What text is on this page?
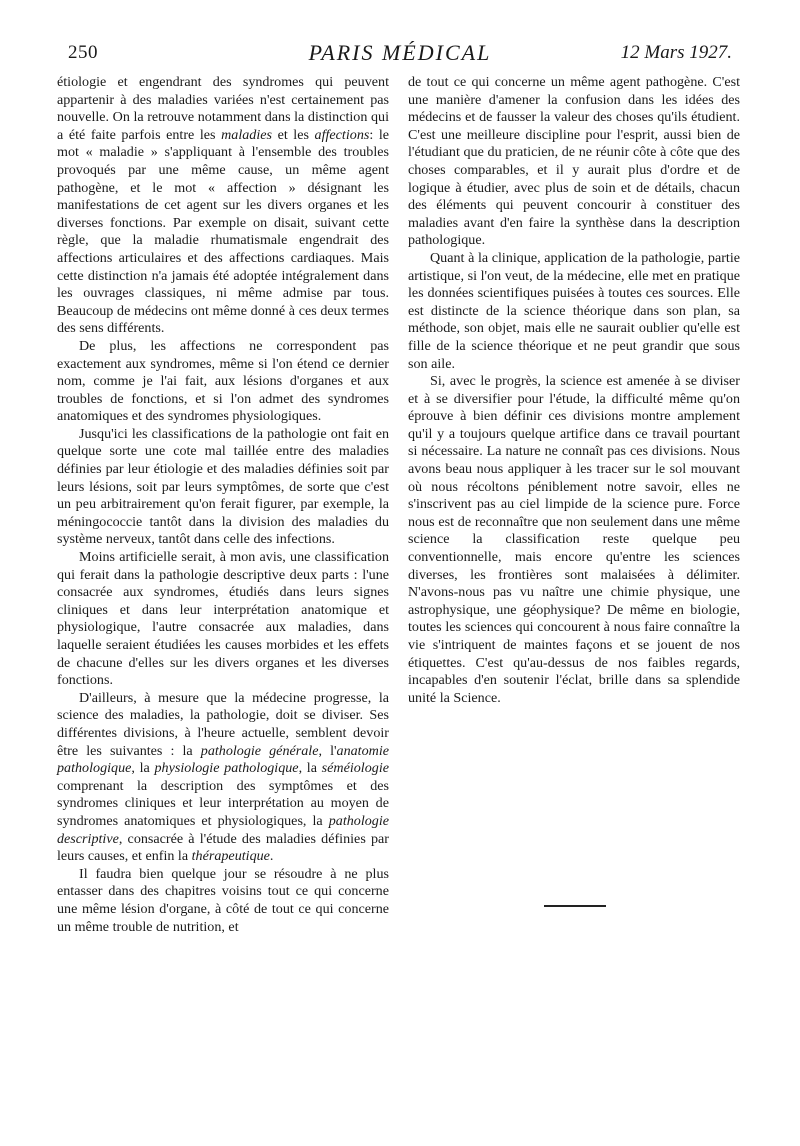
250	PARIS MÉDICAL	12 Mars 1927.

étiologie et engendrant des syndromes qui peuvent appartenir à des maladies variées n'est certainement pas nouvelle. On la retrouve notamment dans la distinction qui a été faite parfois entre les maladies et les affections: le mot « maladie » s'appliquant à l'ensemble des troubles provoqués par une même cause, un même agent pathogène, et le mot « affection » désignant les manifestations de cet agent sur les divers organes et les diverses fonctions. Par exemple on disait, suivant cette règle, que la maladie rhumatismale engendrait des affections articulaires et des affections cardiaques. Mais cette distinction n'a jamais été adoptée intégralement dans les ouvrages classiques, ni même admise par tous. Beaucoup de médecins ont même donné à ces deux termes des sens différents.

De plus, les affections ne correspondent pas exactement aux syndromes, même si l'on étend ce dernier nom, comme je l'ai fait, aux lésions d'organes et aux troubles de fonctions, et si l'on admet des syndromes anatomiques et des syndromes physiologiques.

Jusqu'ici les classifications de la pathologie ont fait en quelque sorte une cote mal taillée entre des maladies définies par leur étiologie et des maladies définies soit par leurs lésions, soit par leurs symptômes, de sorte que c'est un peu arbitrairement qu'on ferait figurer, par exemple, la méningococcie tantôt dans la division des maladies du système nerveux, tantôt dans celle des infections.

Moins artificielle serait, à mon avis, une classification qui ferait dans la pathologie descriptive deux parts : l'une consacrée aux syndromes, étudiés dans leurs signes cliniques et dans leur interprétation anatomique et physiologique, l'autre consacrée aux maladies, dans laquelle seraient étudiées les causes morbides et les effets de chacune d'elles sur les divers organes et les diverses fonctions.

D'ailleurs, à mesure que la médecine progresse, la science des maladies, la pathologie, doit se diviser. Ses différentes divisions, à l'heure actuelle, semblent devoir être les suivantes : la pathologie générale, l'anatomie pathologique, la physiologie pathologique, la séméiologie comprenant la description des symptômes et des syndromes cliniques et leur interprétation au moyen de syndromes anatomiques et physiologiques, la pathologie descriptive, consacrée à l'étude des maladies définies par leurs causes, et enfin la thérapeutique.

Il faudra bien quelque jour se résoudre à ne plus entasser dans des chapitres voisins tout ce qui concerne une même lésion d'organe, à côté de tout ce qui concerne un même trouble de nutrition, et

de tout ce qui concerne un même agent pathogène. C'est une manière d'amener la confusion dans les idées des médecins et de fausser la valeur des choses qu'ils étudient. C'est une meilleure discipline pour l'esprit, aussi bien de l'étudiant que du praticien, de ne réunir côte à côte que des choses comparables, et il y aurait plus d'ordre et de logique à étudier, avec plus de soin et de détails, chacun des éléments qui peuvent concourir à constituer des maladies avant d'en faire la synthèse dans la description pathologique.

Quant à la clinique, application de la pathologie, partie artistique, si l'on veut, de la médecine, elle met en pratique les données scientifiques puisées à toutes ces sources. Elle est distincte de la science théorique dans son plan, sa méthode, son objet, mais elle ne saurait oublier qu'elle est fille de la science théorique et ne peut grandir que sous son aile.

Si, avec le progrès, la science est amenée à se diviser et à se diversifier pour l'étude, la difficulté même qu'on éprouve à bien définir ces divisions montre amplement qu'il y a toujours quelque artifice dans ce travail pourtant si nécessaire. La nature ne connaît pas ces divisions. Nous avons beau nous appliquer à les tracer sur le sol mouvant où nous récoltons péniblement notre savoir, elles ne s'inscrivent pas au ciel limpide de la science pure. Force nous est de reconnaître que non seulement dans une même science la classification reste quelque peu conventionnelle, mais encore qu'entre les sciences diverses, les frontières sont malaisées à délimiter. N'avons-nous pas vu naître une chimie physique, une astrophysique, une géophysique? De même en biologie, toutes les sciences qui concourent à nous faire connaître la vie s'intriquent de maintes façons et se jouent de nos étiquettes. C'est qu'au-dessus de nos faibles regards, incapables d'en soutenir l'éclat, brille dans sa splendide unité la Science.
